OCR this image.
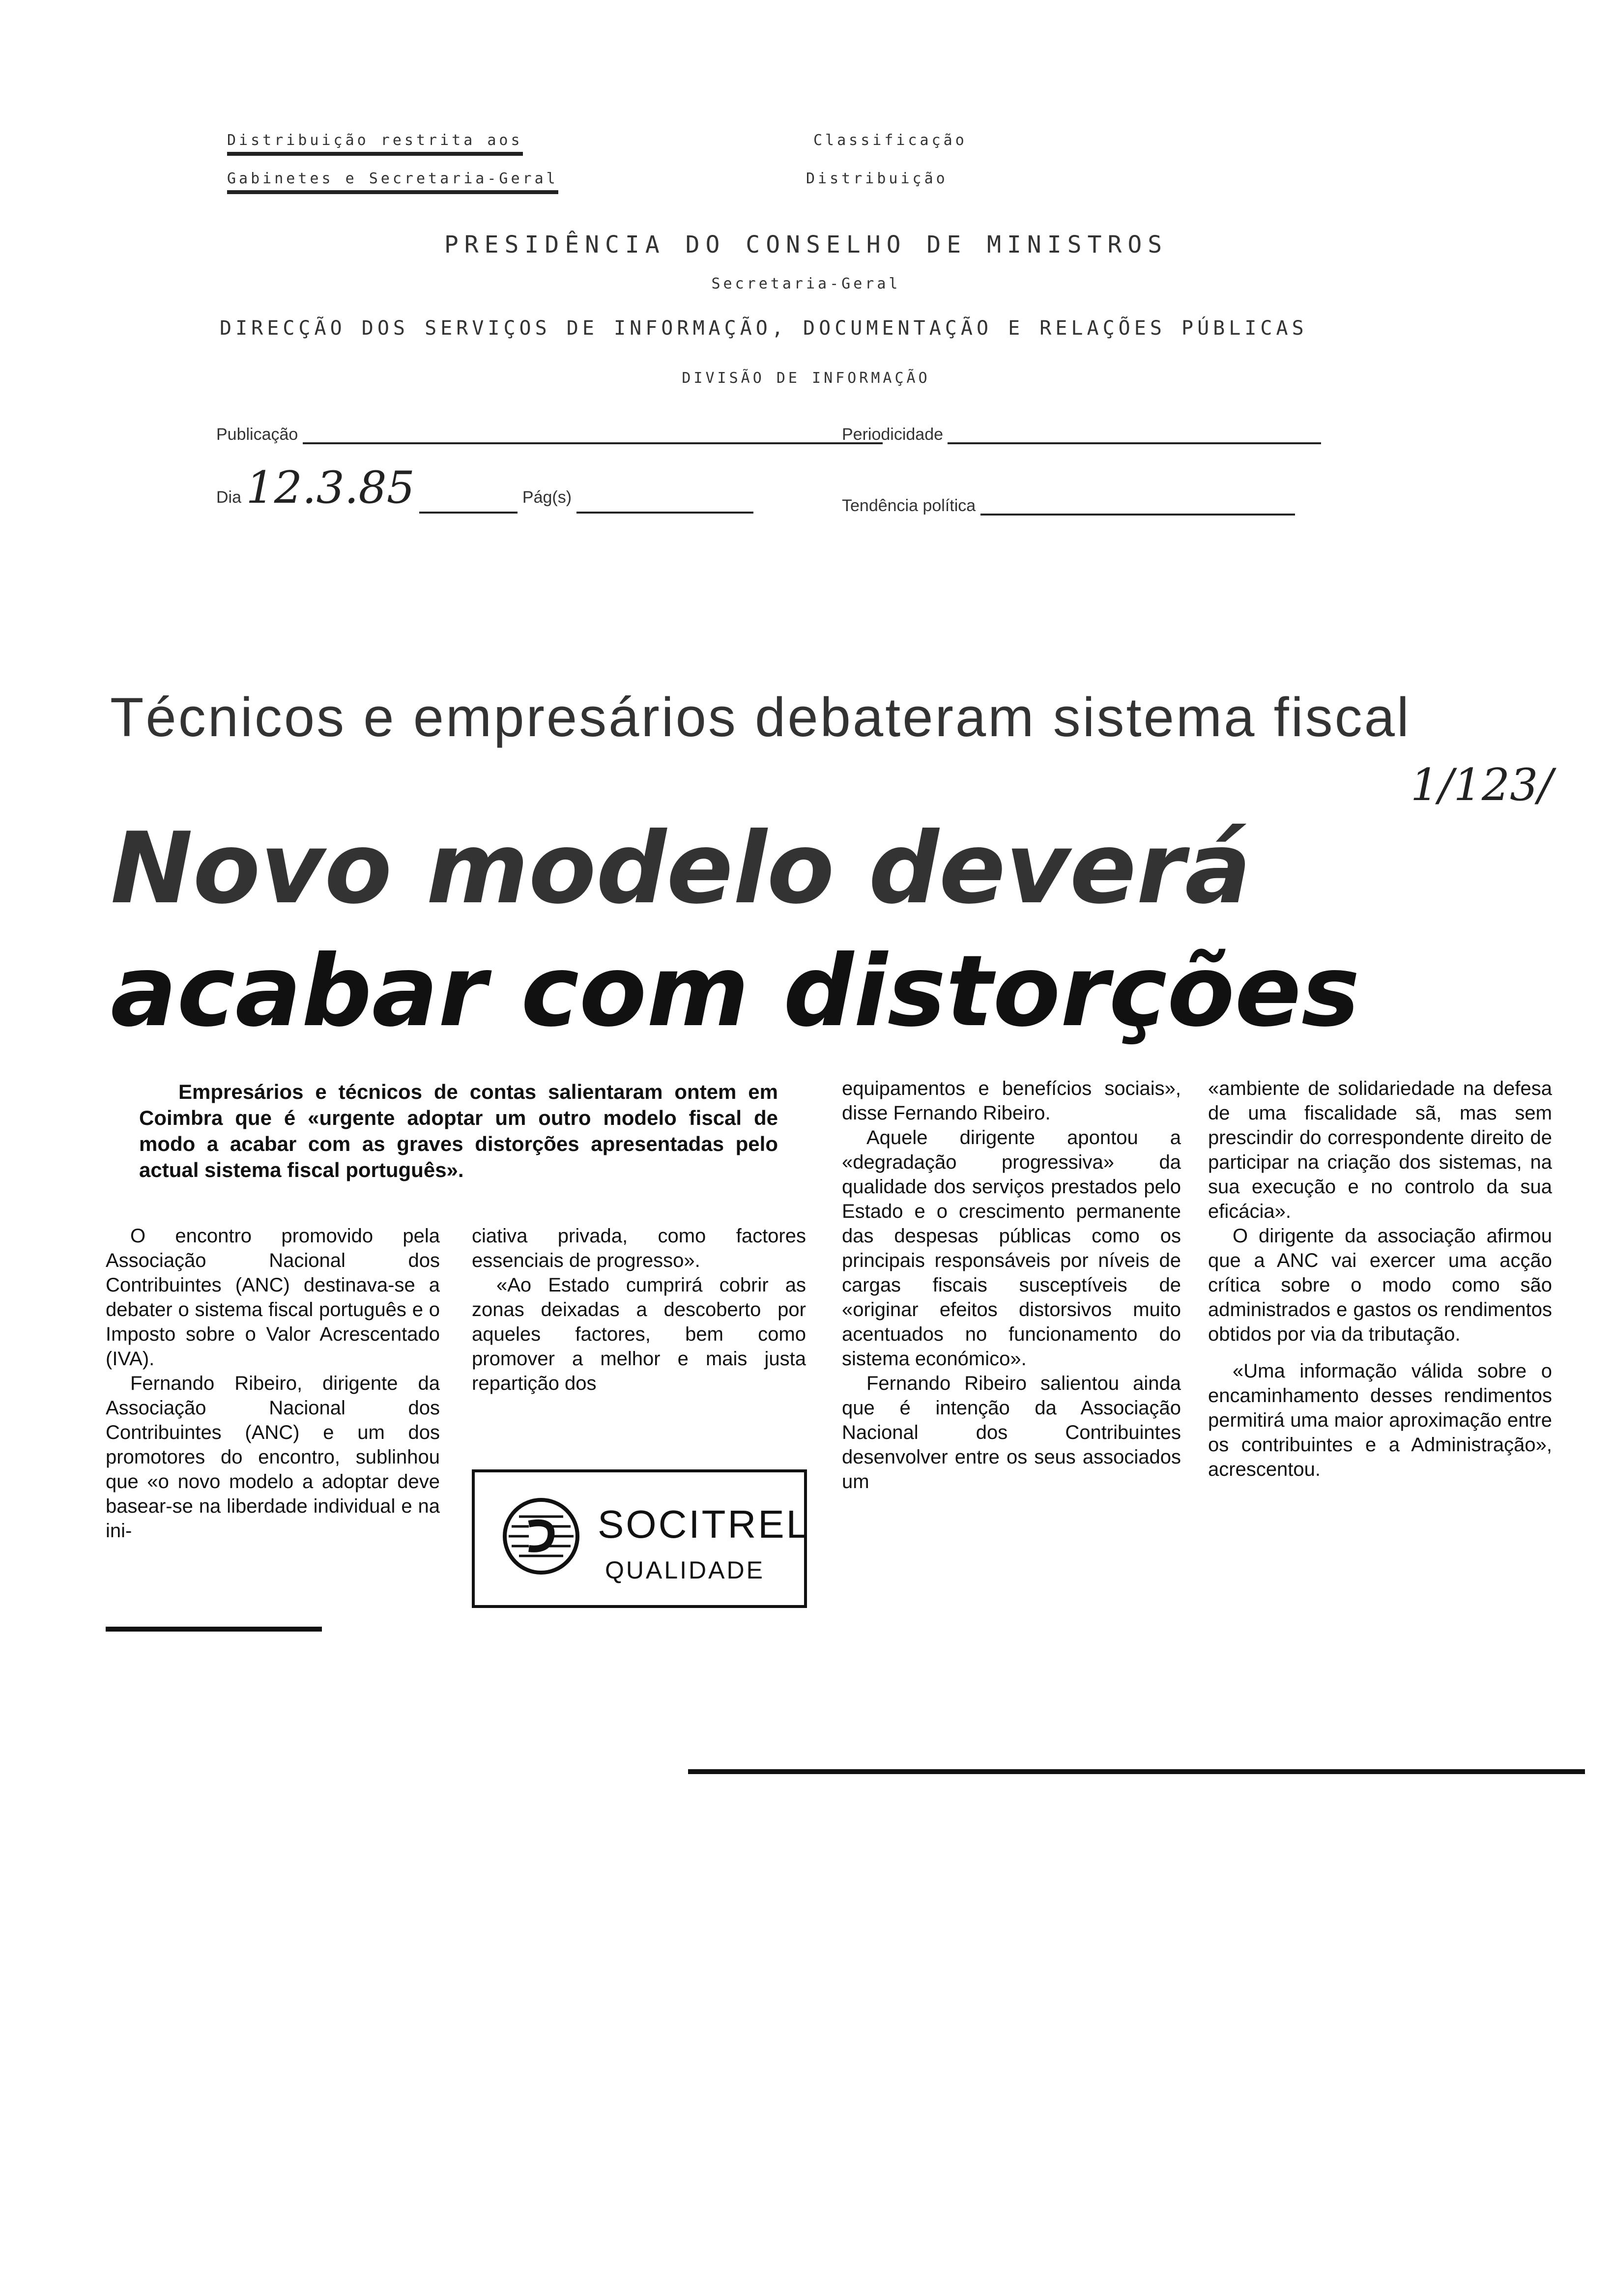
Distribuição restrita aos
Gabinetes e Secretaria-Geral
Classificação
Distribuição
PRESIDÊNCIA DO CONSELHO DE MINISTROS
Secretaria-Geral
DIRECÇÃO DOS SERVIÇOS DE INFORMAÇÃO, DOCUMENTAÇÃO E RELAÇÕES PÚBLICAS
DIVISÃO DE INFORMAÇÃO
Publicação
Dia 12.3.85	Pág(s)
Periodicidade
Tendência política
Técnicos e empresários debateram sistema fiscal
1/123/
Novo modelo deverá
acabar com distorções
Empresários e técnicos de contas salientaram ontem em Coimbra que é «urgente adoptar um outro modelo fiscal de modo a acabar com as graves distorções apresentadas pelo actual sistema fiscal português».

O encontro promovido pela Associação Nacional dos Contribuintes (ANC) destinava-se a debater o sistema fiscal português e o Imposto sobre o Valor Acrescentado (IVA).

Fernando Ribeiro, dirigente da Associação Nacional dos Contribuintes (ANC) e um dos promotores do encontro, sublinhou que «o novo modelo a adoptar deve basear-se na liberdade individual e na ini-

ciativa privada, como factores essenciais de progresso».

«Ao Estado cumprirá cobrir as zonas deixadas a descoberto por aqueles factores, bem como promover a melhor e mais justa repartição dos

equipamentos e benefícios sociais», disse Fernando Ribeiro.

Aquele dirigente apontou a «degradação progressiva» da qualidade dos serviços prestados pelo Estado e o crescimento permanente das despesas públicas como os principais responsáveis por níveis de cargas fiscais susceptíveis de «originar efeitos distorsivos muito acentuados no funcionamento do sistema económico».

Fernando Ribeiro salientou ainda que é intenção da Associação Nacional dos Contribuintes desenvolver entre os seus associados um

«ambiente de solidariedade na defesa de uma fiscalidade sã, mas sem prescindir do correspondente direito de participar na criação dos sistemas, na sua execução e no controlo da sua eficácia».

O dirigente da associação afirmou que a ANC vai exercer uma acção crítica sobre o modo como são administrados e gastos os rendimentos obtidos por via da tributação.

«Uma informação válida sobre o encaminhamento desses rendimentos permitirá uma maior aproximação entre os contribuintes e a Administração», acrescentou.

SOCITREL
QUALIDADE
